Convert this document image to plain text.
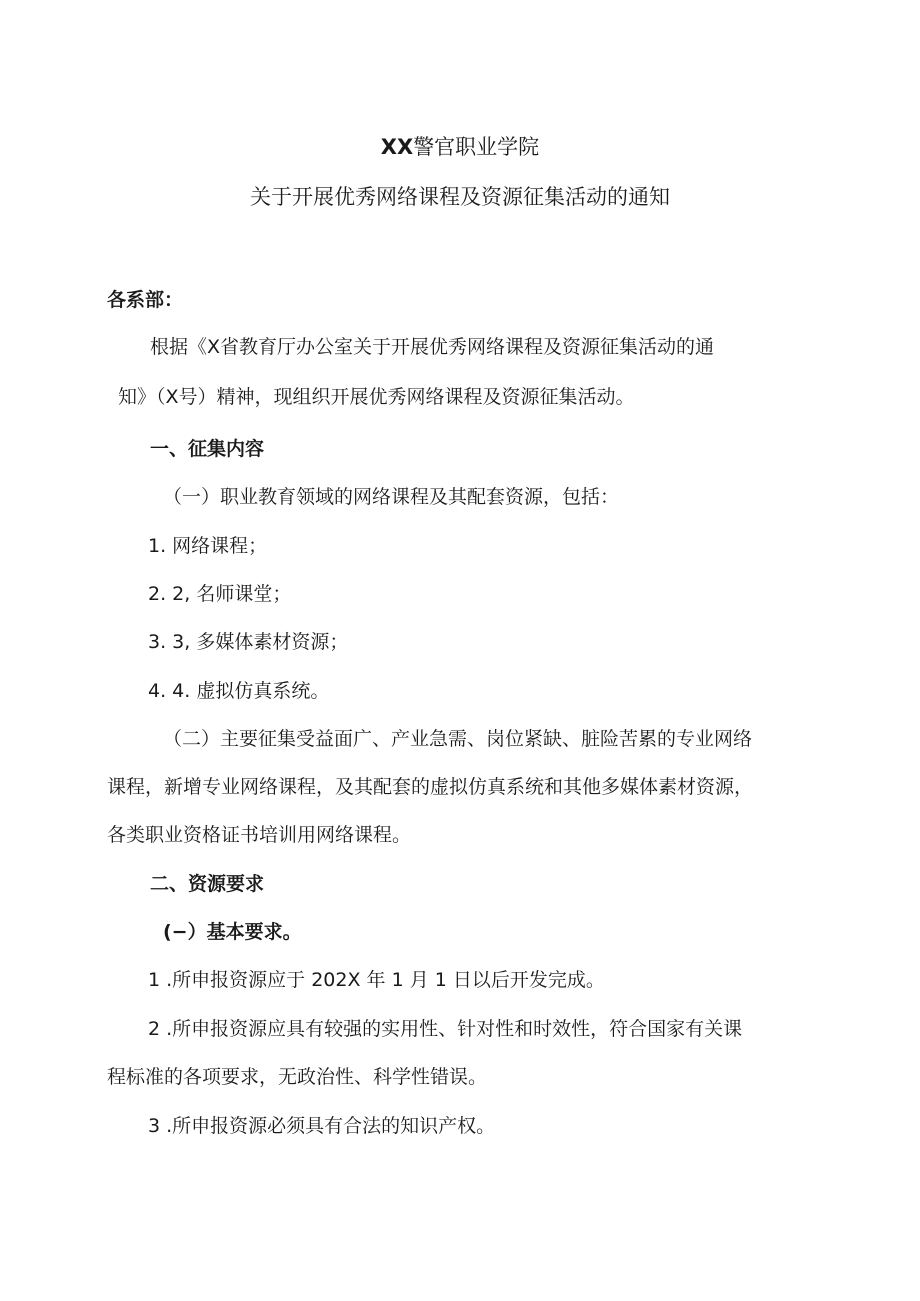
XX警官职业学院
关于开展优秀网络课程及资源征集活动的通知
各系部：
根据《X省教育厅办公室关于开展优秀网络课程及资源征集活动的通
知》（X号）精神，现组织开展优秀网络课程及资源征集活动。
一、征集内容
（一）职业教育领域的网络课程及其配套资源，包括：
1. 网络课程；
2. 2, 名师课堂；
3. 3, 多媒体素材资源；
4. 4. 虚拟仿真系统。
（二）主要征集受益面广、产业急需、岗位紧缺、脏险苦累的专业网络
课程，新增专业网络课程，及其配套的虚拟仿真系统和其他多媒体素材资源，
各类职业资格证书培训用网络课程。
二、资源要求
(−）基本要求。
1 .所申报资源应于 202X 年 1 月 1 日以后开发完成。
2 .所申报资源应具有较强的实用性、针对性和时效性，符合国家有关课
程标准的各项要求，无政治性、科学性错误。
3 .所申报资源必须具有合法的知识产权。
